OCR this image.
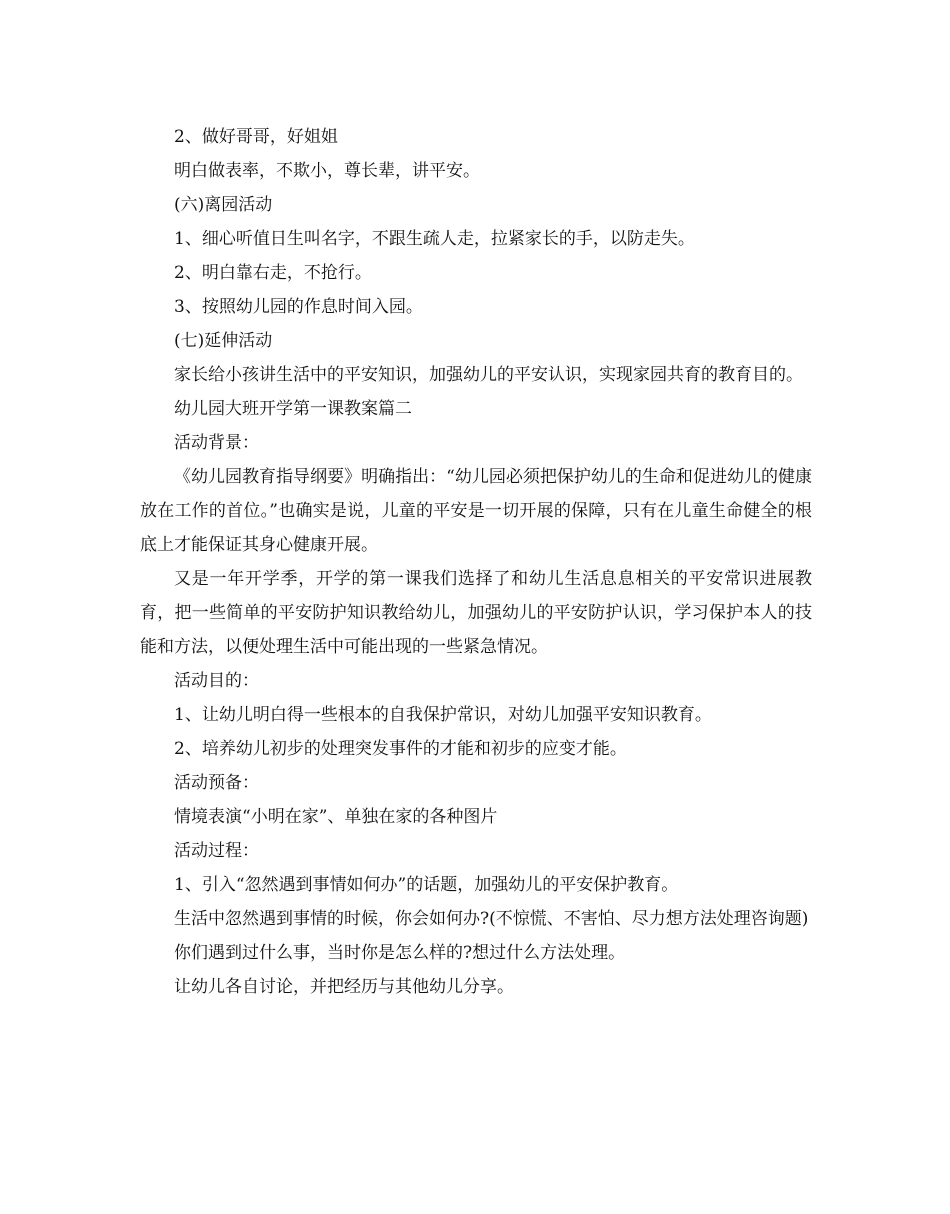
2、做好哥哥，好姐姐

明白做表率，不欺小，尊长辈，讲平安。

(六)离园活动

1、细心听值日生叫名字，不跟生疏人走，拉紧家长的手，以防走失。

2、明白靠右走，不抢行。

3、按照幼儿园的作息时间入园。

(七)延伸活动

家长给小孩讲生活中的平安知识，加强幼儿的平安认识，实现家园共育的教育目的。

幼儿园大班开学第一课教案篇二

活动背景：

《幼儿园教育指导纲要》明确指出：“幼儿园必须把保护幼儿的生命和促进幼儿的健康放在工作的首位。”也确实是说，儿童的平安是一切开展的保障，只有在儿童生命健全的根底上才能保证其身心健康开展。

又是一年开学季，开学的第一课我们选择了和幼儿生活息息相关的平安常识进展教育，把一些简单的平安防护知识教给幼儿，加强幼儿的平安防护认识，学习保护本人的技能和方法，以便处理生活中可能出现的一些紧急情况。

活动目的：

1、让幼儿明白得一些根本的自我保护常识，对幼儿加强平安知识教育。

2、培养幼儿初步的处理突发事件的才能和初步的应变才能。

活动预备：

情境表演“小明在家”、单独在家的各种图片

活动过程：

1、引入“忽然遇到事情如何办”的话题，加强幼儿的平安保护教育。

生活中忽然遇到事情的时候，你会如何办?(不惊慌、不害怕、尽力想方法处理咨询题)

你们遇到过什么事，当时你是怎么样的?想过什么方法处理。

让幼儿各自讨论，并把经历与其他幼儿分享。
